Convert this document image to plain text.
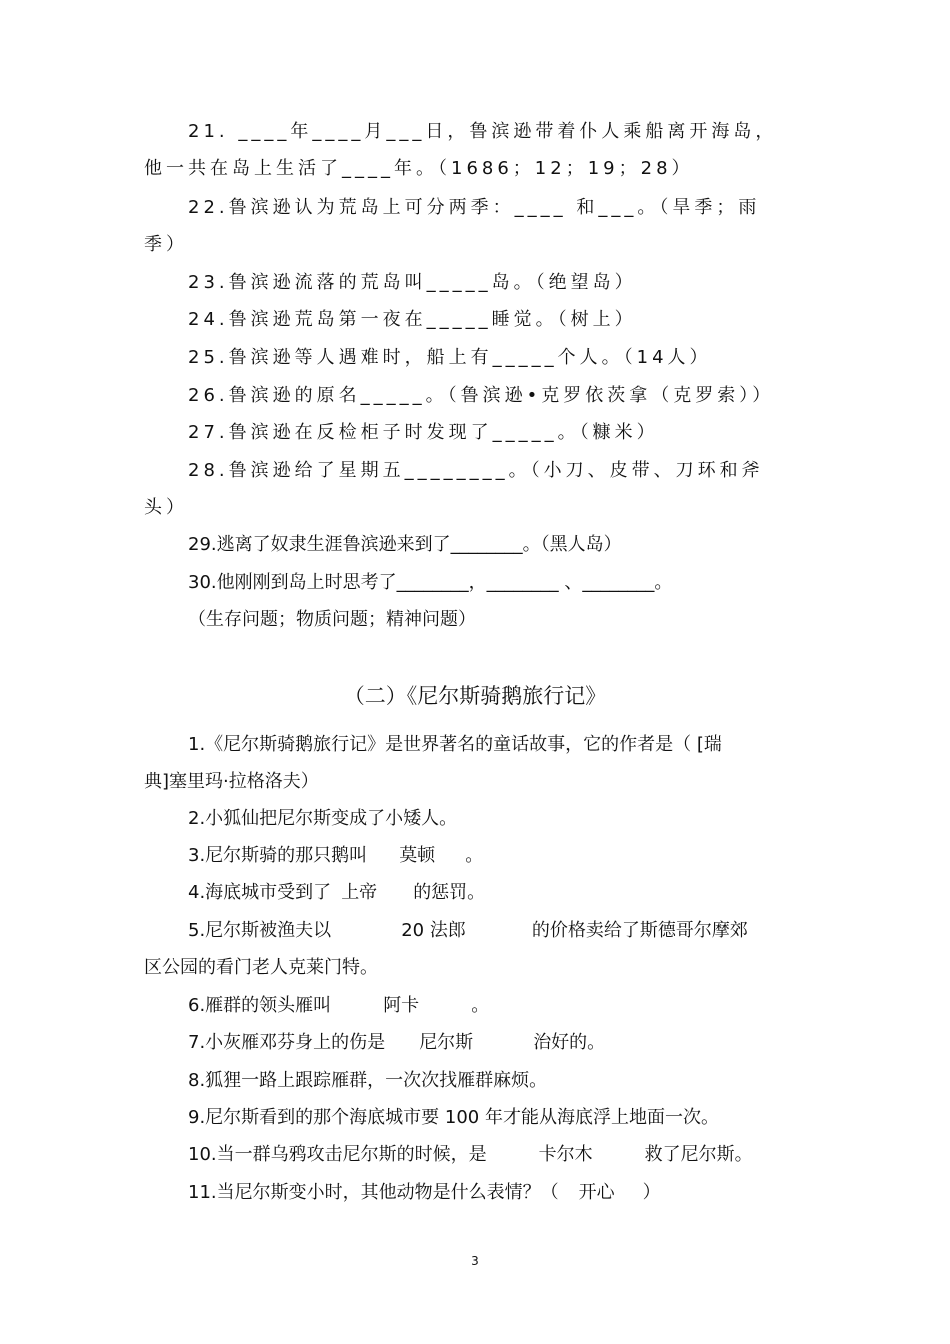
21. ____年____月___日，鲁滨逊带着仆人乘船离开海岛，

他一共在岛上生活了____年。（1686；12；19；28）

22.鲁滨逊认为荒岛上可分两季：____ 和___。（旱季；雨

季）

23.鲁滨逊流落的荒岛叫_____岛。（绝望岛）

24.鲁滨逊荒岛第一夜在_____睡觉。（树上）

25.鲁滨逊等人遇难时，船上有_____个人。（14人）

26.鲁滨逊的原名_____。（鲁滨逊•克罗依茨拿（克罗索））

27.鲁滨逊在反检柜子时发现了_____。（糠米）

28.鲁滨逊给了星期五________。（小刀、皮带、刀环和斧

头）

29.逃离了奴隶生涯鲁滨逊来到了________。（黑人岛）

30.他刚刚到岛上时思考了________，________ 、________。

（生存问题；物质问题；精神问题）

（二）《尼尔斯骑鹅旅行记》

1.《尼尔斯骑鹅旅行记》是世界著名的童话故事，它的作者是（ [瑞

典]塞里玛·拉格洛夫）

2.小狐仙把尼尔斯变成了小矮人。

3.尼尔斯骑的那只鹅叫 莫顿 。

4.海底城市受到了 上帝 的惩罚。

5.尼尔斯被渔夫以	20 法郎	的价格卖给了斯德哥尔摩郊

区公园的看门老人克莱门特。

6.雁群的领头雁叫	阿卡	。

7.小灰雁邓芬身上的伤是 尼尔斯	治好的。

8.狐狸一路上跟踪雁群，一次次找雁群麻烦。

9.尼尔斯看到的那个海底城市要 100 年才能从海底浮上地面一次。

10.当一群乌鸦攻击尼尔斯的时候，是	卡尔木	救了尼尔斯。

11.当尼尔斯变小时，其他动物是什么表情？（ 开心 ）

3
